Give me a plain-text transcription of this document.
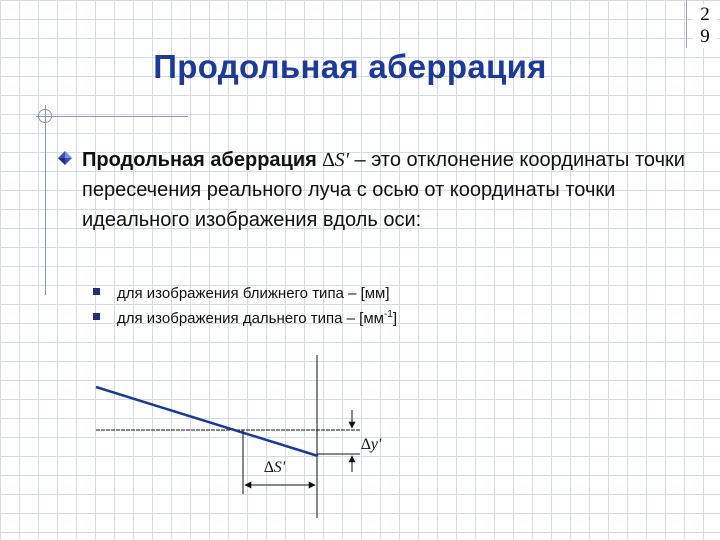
2
9
Продольная аберрация

Продольная аберрация ∆S' – это отклонение координаты точки пересечения реального луча с осью от координаты точки идеального изображения вдоль оси:

для изображения ближнего типа – [мм]
для изображения дальнего типа – $[мм^{-1}]$
∆S'
∆y'
